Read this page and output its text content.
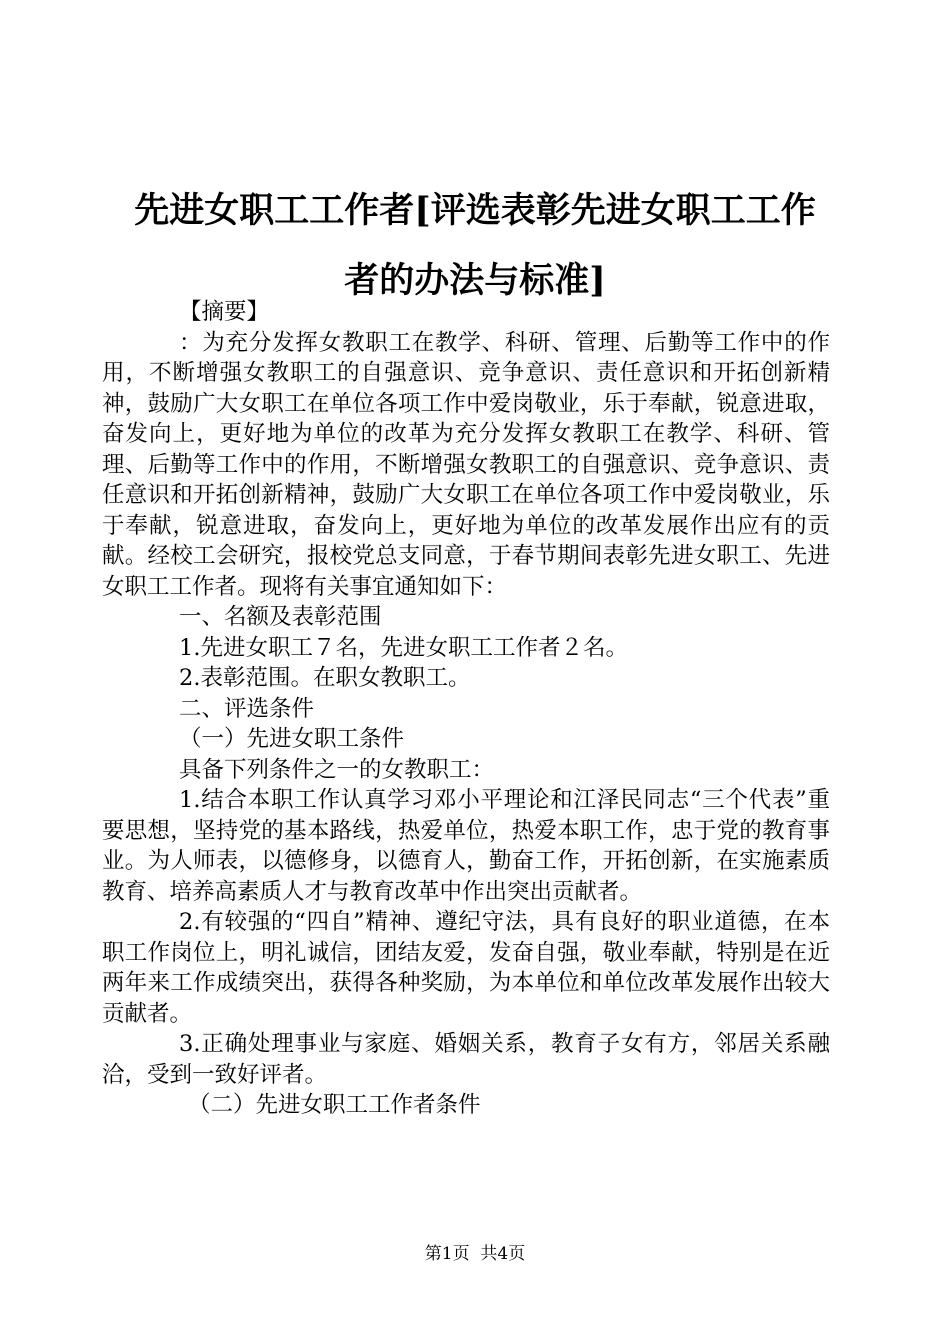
先进女职工工作者[评选表彰先进女职工工作
者的办法与标准]

【摘要】

：为充分发挥女教职工在教学、科研、管理、后勤等工作中的作用，不断增强女教职工的自强意识、竞争意识、责任意识和开拓创新精神，鼓励广大女职工在单位各项工作中爱岗敬业，乐于奉献，锐意进取，奋发向上，更好地为单位的改革为充分发挥女教职工在教学、科研、管理、后勤等工作中的作用，不断增强女教职工的自强意识、竞争意识、责任意识和开拓创新精神，鼓励广大女职工在单位各项工作中爱岗敬业，乐于奉献，锐意进取，奋发向上，更好地为单位的改革发展作出应有的贡献。经校工会研究，报校党总支同意，于春节期间表彰先进女职工、先进女职工工作者。现将有关事宜通知如下：

一、名额及表彰范围

1.先进女职工７名，先进女职工工作者２名。

2.表彰范围。在职女教职工。

二、评选条件

（一）先进女职工条件

具备下列条件之一的女教职工：

1.结合本职工作认真学习邓小平理论和江泽民同志“三个代表”重要思想，坚持党的基本路线，热爱单位，热爱本职工作，忠于党的教育事业。为人师表，以德修身，以德育人，勤奋工作，开拓创新，在实施素质教育、培养高素质人才与教育改革中作出突出贡献者。

2.有较强的“四自”精神、遵纪守法，具有良好的职业道德，在本职工作岗位上，明礼诚信，团结友爱，发奋自强，敬业奉献，特别是在近两年来工作成绩突出，获得各种奖励，为本单位和单位改革发展作出较大贡献者。

3.正确处理事业与家庭、婚姻关系，教育子女有方，邻居关系融洽，受到一致好评者。

（二）先进女职工工作者条件

第1页  共4页
